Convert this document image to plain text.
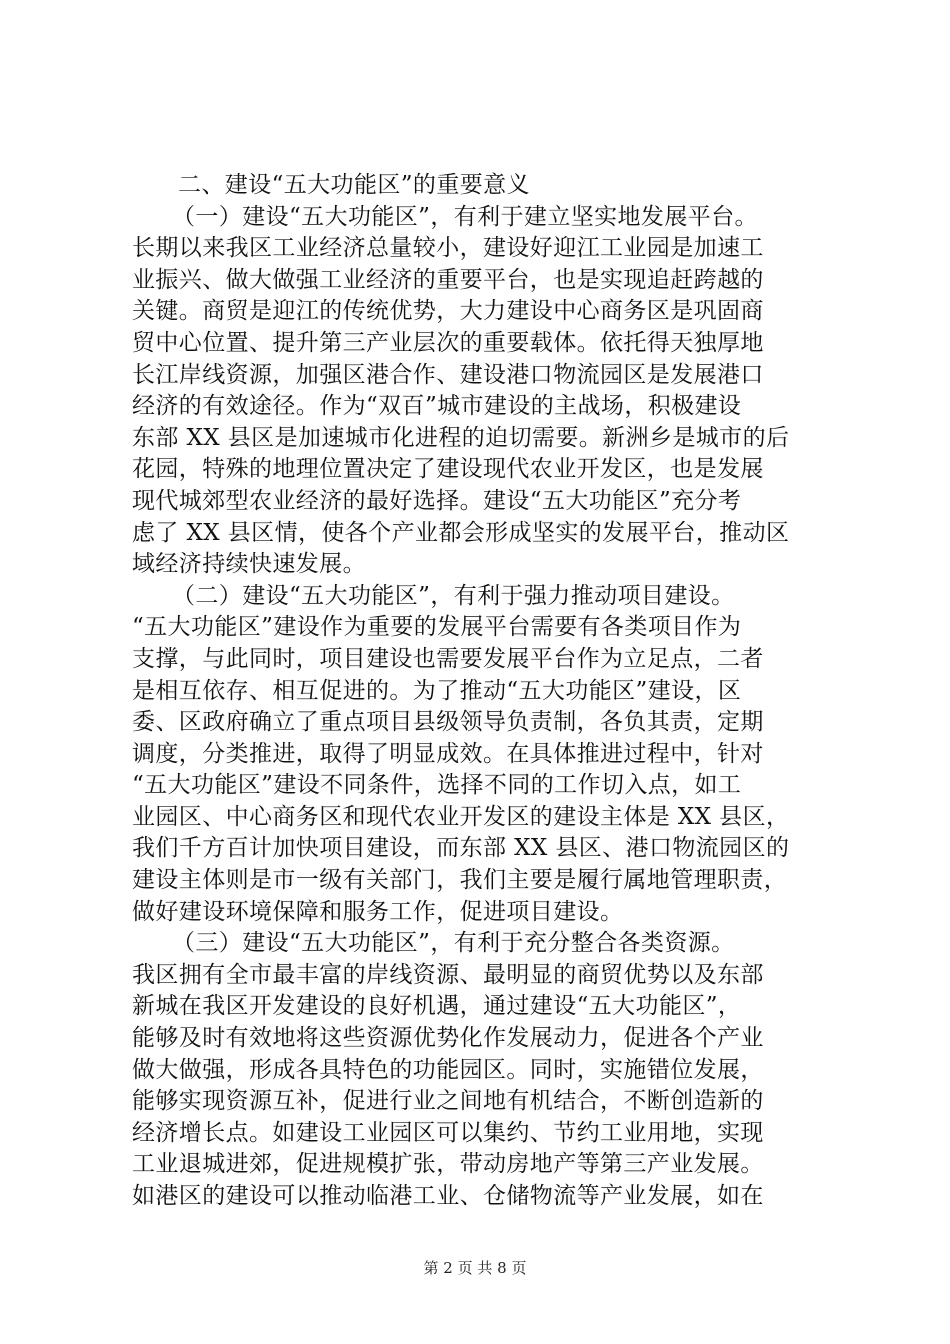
二、建设“五大功能区”的重要意义
（一）建设“五大功能区”，有利于建立坚实地发展平台。
长期以来我区工业经济总量较小，建设好迎江工业园是加速工
业振兴、做大做强工业经济的重要平台，也是实现追赶跨越的
关键。商贸是迎江的传统优势，大力建设中心商务区是巩固商
贸中心位置、提升第三产业层次的重要载体。依托得天独厚地
长江岸线资源，加强区港合作、建设港口物流园区是发展港口
经济的有效途径。作为“双百”城市建设的主战场，积极建设
东部 XX 县区是加速城市化进程的迫切需要。新洲乡是城市的后
花园，特殊的地理位置决定了建设现代农业开发区，也是发展
现代城郊型农业经济的最好选择。建设“五大功能区”充分考
虑了 XX 县区情，使各个产业都会形成坚实的发展平台，推动区
域经济持续快速发展。
（二）建设“五大功能区”，有利于强力推动项目建设。
“五大功能区”建设作为重要的发展平台需要有各类项目作为
支撑，与此同时，项目建设也需要发展平台作为立足点，二者
是相互依存、相互促进的。为了推动“五大功能区”建设，区
委、区政府确立了重点项目县级领导负责制，各负其责，定期
调度，分类推进，取得了明显成效。在具体推进过程中，针对
“五大功能区”建设不同条件，选择不同的工作切入点，如工
业园区、中心商务区和现代农业开发区的建设主体是 XX 县区，
我们千方百计加快项目建设，而东部 XX 县区、港口物流园区的
建设主体则是市一级有关部门，我们主要是履行属地管理职责，
做好建设环境保障和服务工作，促进项目建设。
（三）建设“五大功能区”，有利于充分整合各类资源。
我区拥有全市最丰富的岸线资源、最明显的商贸优势以及东部
新城在我区开发建设的良好机遇，通过建设“五大功能区”，
能够及时有效地将这些资源优势化作发展动力，促进各个产业
做大做强，形成各具特色的功能园区。同时，实施错位发展，
能够实现资源互补，促进行业之间地有机结合，不断创造新的
经济增长点。如建设工业园区可以集约、节约工业用地，实现
工业退城进郊，促进规模扩张，带动房地产等第三产业发展。
如港区的建设可以推动临港工业、仓储物流等产业发展，如在
第 2 页 共 8 页
